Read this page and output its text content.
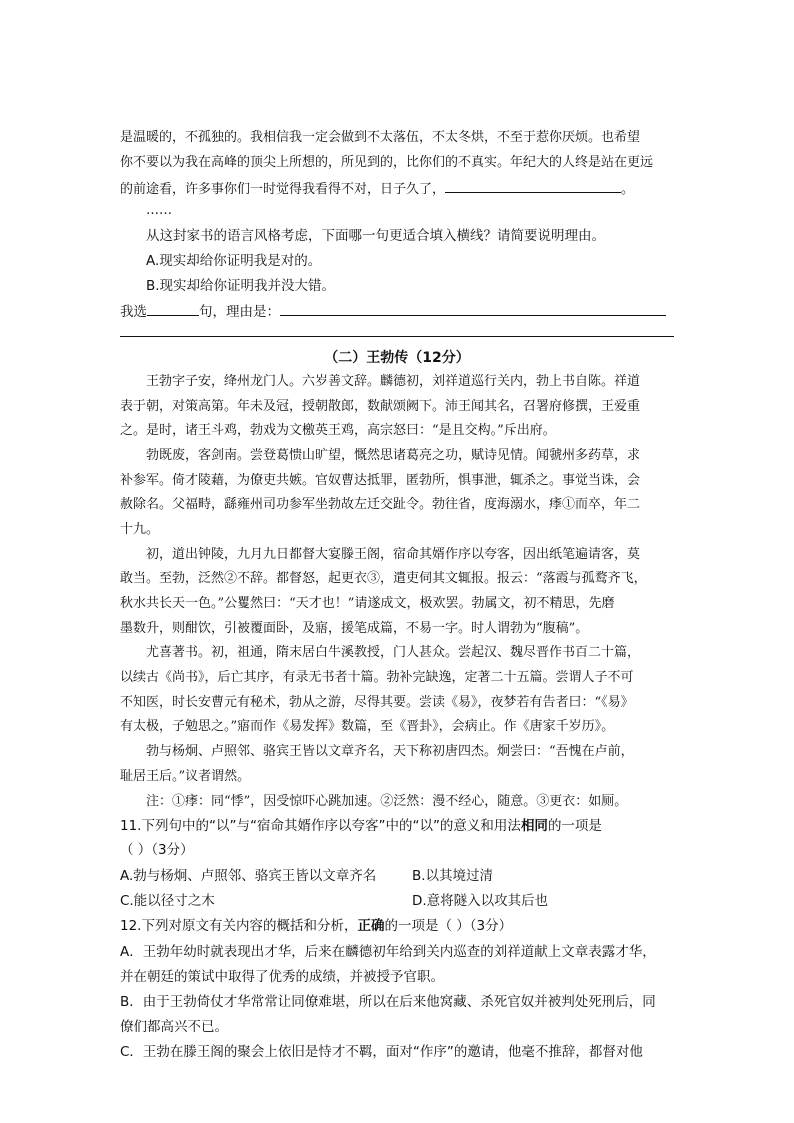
是温暖的，不孤独的。我相信我一定会做到不太落伍，不太冬烘，不至于惹你厌烦。也希望
你不要以为我在高峰的顶尖上所想的，所见到的，比你们的不真实。年纪大的人终是站在更远
的前途看，许多事你们一时觉得我看得不对，日子久了，	。
……
从这封家书的语言风格考虑，下面哪一句更适合填入横线？请简要说明理由。
A.现实却给你证明我是对的。
B.现实却给你证明我并没大错。
我选	句，理由是：
（二）王勃传（12分）
王勃字子安，绛州龙门人。六岁善文辞。麟德初，刘祥道巡行关内，勃上书自陈。祥道
表于朝，对策高第。年未及冠，授朝散郎，数献颂阙下。沛王闻其名，召署府修撰，王爱重
之。是时，诸王斗鸡，勃戏为文檄英王鸡，高宗怒曰：“是且交构。”斥出府。
勃既废，客剑南。尝登葛愦山旷望，慨然思诸葛亮之功，赋诗见情。闻虢州多药草，求
补参军。倚才陵藉，为僚吏共嫉。官奴曹达抵罪，匿勃所，惧事泄，辄杀之。事觉当诛，会
赦除名。父福畤，繇雍州司功参军坐勃故左迁交趾令。勃往省，度海溺水，痵①而卒，年二
十九。
初，道出钟陵，九月九日都督大宴滕王阁，宿命其婿作序以夸客，因出纸笔遍请客，莫
敢当。至勃，泛然②不辞。都督怒，起更衣③，遣吏伺其文辄报。报云：“落霞与孤鹜齐飞，
秋水共长天一色。”公矍然曰：“天才也！”请遂成文，极欢罢。勃属文，初不精思，先磨
墨数升，则酣饮，引被覆面卧，及寤，援笔成篇，不易一字。时人谓勃为“腹稿”。
尤喜著书。初，祖通，隋末居白牛溪教授，门人甚众。尝起汉、魏尽晋作书百二十篇，
以续古《尚书》，后亡其序，有录无书者十篇。勃补完缺逸，定著二十五篇。尝谓人子不可
不知医，时长安曹元有秘术，勃从之游，尽得其要。尝读《易》，夜梦若有告者曰：“《易》
有太极，子勉思之。”寤而作《易发挥》数篇，至《晋卦》，会病止。作《唐家千岁历》。
勃与杨炯、卢照邻、骆宾王皆以文章齐名，天下称初唐四杰。炯尝曰：“吾愧在卢前，
耻居王后。”议者谓然。
注：①痵：同“悸”，因受惊吓心跳加速。②泛然：漫不经心，随意。③更衣：如厕。
11.下列句中的“以”与“宿命其婿作序以夸客”中的“以”的意义和用法相同的一项是
（ ）（3分）
A.勃与杨炯、卢照邻、骆宾王皆以文章齐名	B.以其境过清
C.能以径寸之木	D.意将隧入以攻其后也
12.下列对原文有关内容的概括和分析，正确的一项是（ ）（3分）
A．王勃年幼时就表现出才华，后来在麟德初年给到关内巡查的刘祥道献上文章表露才华，
并在朝廷的策试中取得了优秀的成绩，并被授予官职。
B．由于王勃倚仗才华常常让同僚难堪，所以在后来他窝藏、杀死官奴并被判处死刑后，同
僚们都高兴不已。
C．王勃在滕王阁的聚会上依旧是恃才不羁，面对“作序”的邀请，他毫不推辞，都督对他
